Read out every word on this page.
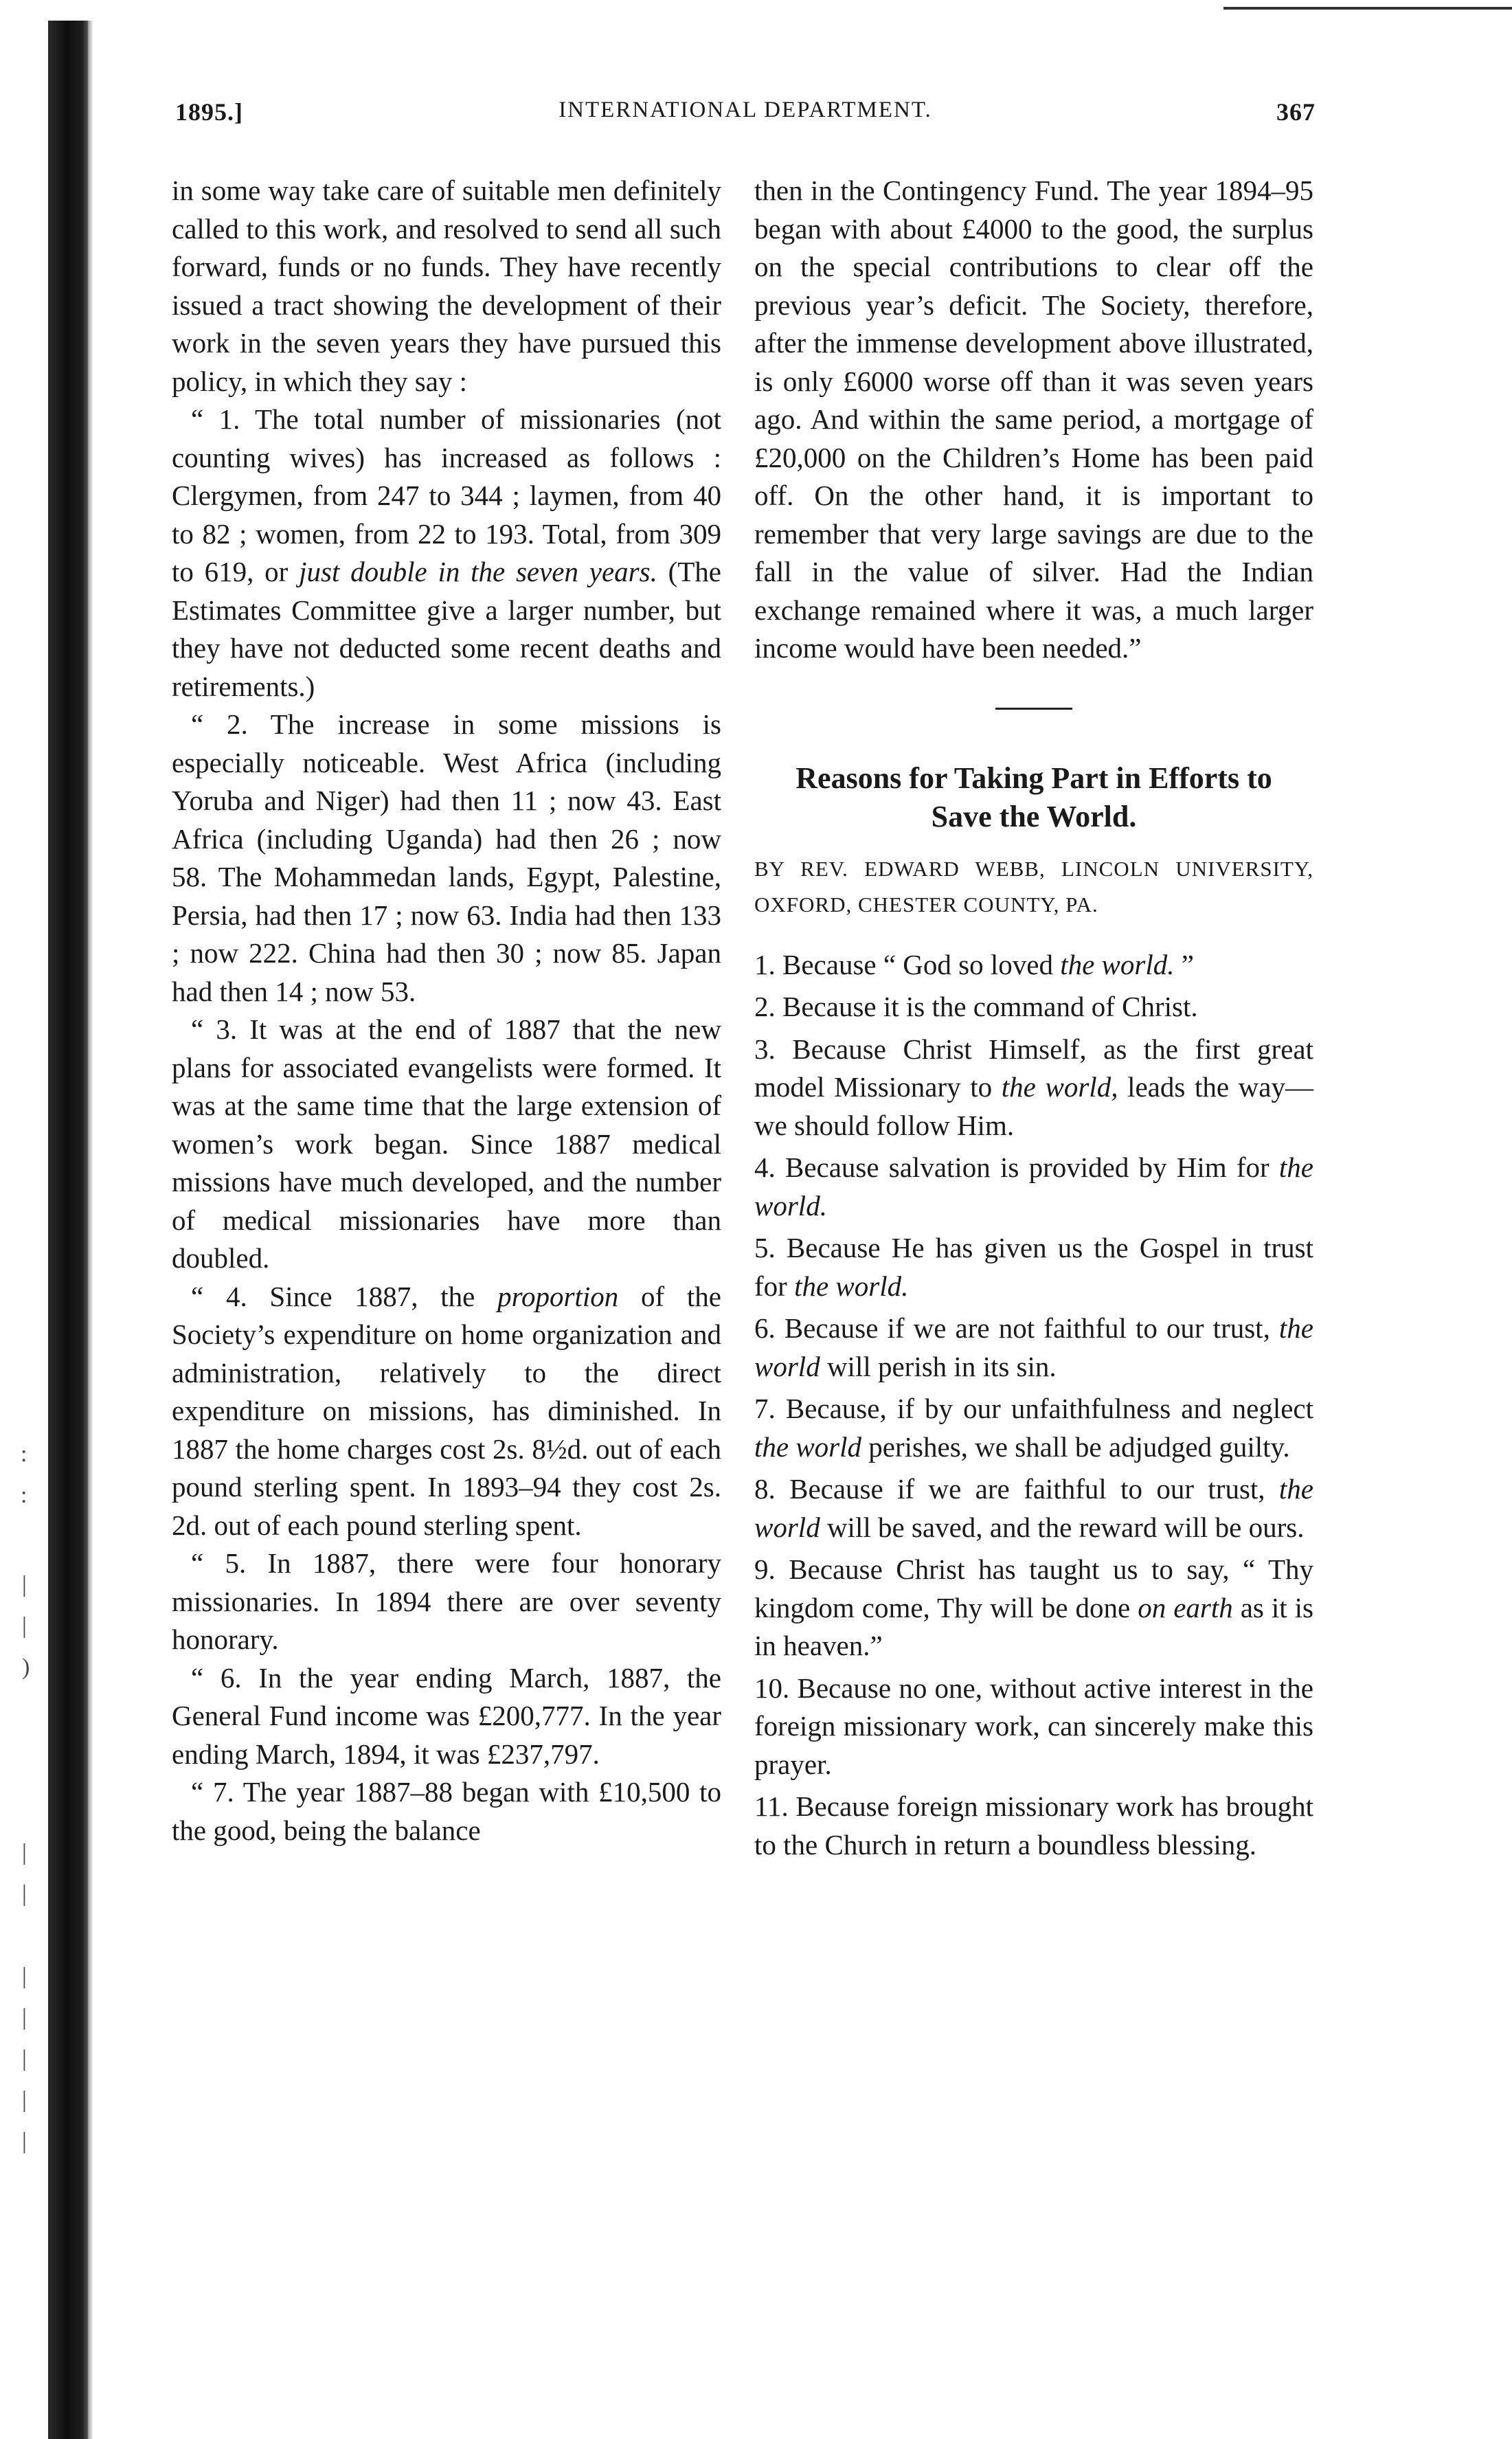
:
:
|
|
)
|
|
|
|
|
|
|
1895.]	INTERNATIONAL DEPARTMENT.	367

in some way take care of suitable men definitely called to this work, and resolved to send all such forward, funds or no funds. They have recently issued a tract showing the development of their work in the seven years they have pursued this policy, in which they say :

“ 1. The total number of missionaries (not counting wives) has increased as follows : Clergymen, from 247 to 344 ; laymen, from 40 to 82 ; women, from 22 to 193. Total, from 309 to 619, or just double in the seven years. (The Estimates Committee give a larger number, but they have not deducted some recent deaths and retirements.)

“ 2. The increase in some missions is especially noticeable. West Africa (including Yoruba and Niger) had then 11 ; now 43. East Africa (including Uganda) had then 26 ; now 58. The Mohammedan lands, Egypt, Palestine, Persia, had then 17 ; now 63. India had then 133 ; now 222. China had then 30 ; now 85. Japan had then 14 ; now 53.

“ 3. It was at the end of 1887 that the new plans for associated evangelists were formed. It was at the same time that the large extension of women’s work began. Since 1887 medical missions have much developed, and the number of medical missionaries have more than doubled.

“ 4. Since 1887, the proportion of the Society’s expenditure on home organization and administration, relatively to the direct expenditure on missions, has diminished. In 1887 the home charges cost 2s. 8½d. out of each pound sterling spent. In 1893–94 they cost 2s. 2d. out of each pound sterling spent.

“ 5. In 1887, there were four honorary missionaries. In 1894 there are over seventy honorary.

“ 6. In the year ending March, 1887, the General Fund income was £200,777. In the year ending March, 1894, it was £237,797.

“ 7. The year 1887–88 began with £10,500 to the good, being the balance

then in the Contingency Fund. The year 1894–95 began with about £4000 to the good, the surplus on the special contributions to clear off the previous year’s deficit. The Society, therefore, after the immense development above illustrated, is only £6000 worse off than it was seven years ago. And within the same period, a mortgage of £20,000 on the Children’s Home has been paid off. On the other hand, it is important to remember that very large savings are due to the fall in the value of silver. Had the Indian exchange remained where it was, a much larger income would have been needed.”

Reasons for Taking Part in Efforts to
Save the World.
BY REV. EDWARD WEBB, LINCOLN UNIVERSITY, OXFORD, CHESTER COUNTY, PA.

1. Because “ God so loved the world. ”

2. Because it is the command of Christ.

3. Because Christ Himself, as the first great model Missionary to the world, leads the way—we should follow Him.

4. Because salvation is provided by Him for the world.

5. Because He has given us the Gospel in trust for the world.

6. Because if we are not faithful to our trust, the world will perish in its sin.

7. Because, if by our unfaithfulness and neglect the world perishes, we shall be adjudged guilty.

8. Because if we are faithful to our trust, the world will be saved, and the reward will be ours.

9. Because Christ has taught us to say, “ Thy kingdom come, Thy will be done on earth as it is in heaven.”

10. Because no one, without active interest in the foreign missionary work, can sincerely make this prayer.

11. Because foreign missionary work has brought to the Church in return a boundless blessing.
